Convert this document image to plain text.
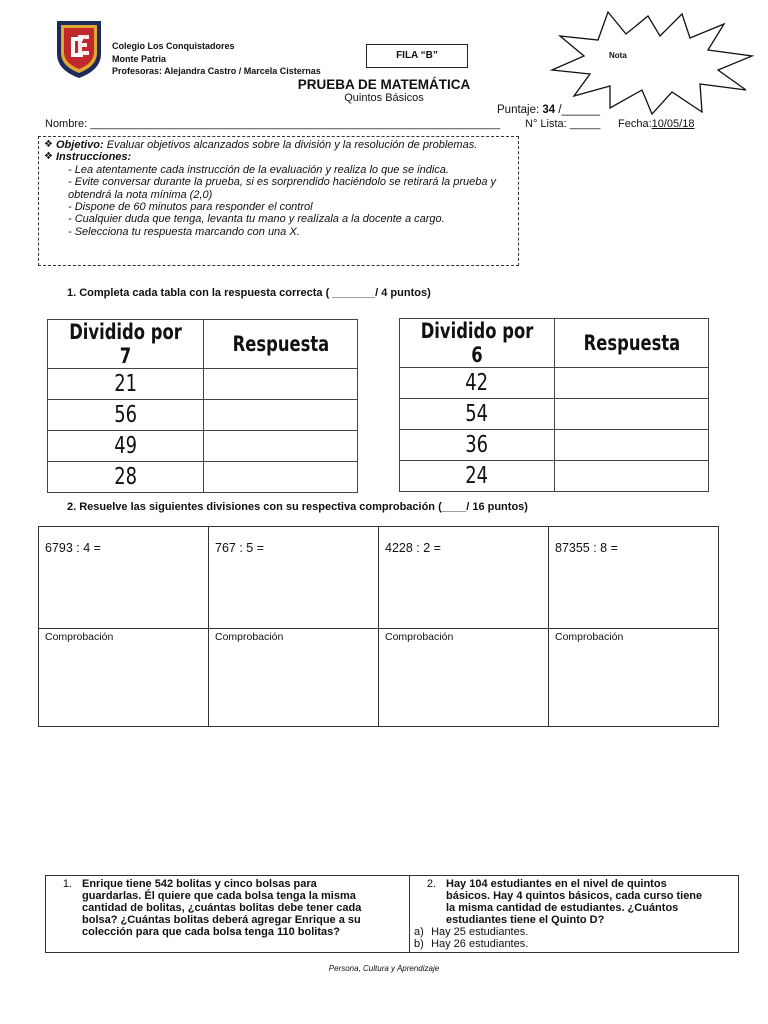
Colegio Los Conquistadores
Monte Patria
Profesoras: Alejandra Castro / Marcela Cisternas
FILA “B”	Nota
PRUEBA DE MATEMÁTICA
Quintos Básicos
Puntaje: 34 /______
Nombre: ___________________________________________________________________ N° Lista: _____ Fecha:10/05/18
❖ Objetivo: Evaluar objetivos alcanzados sobre la división y la resolución de problemas.
❖ Instrucciones:
- Lea atentamente cada instrucción de la evaluación y realiza lo que se indica.
- Evite conversar durante la prueba, si es sorprendido haciéndolo se retirará la prueba y obtendrá la nota mínima (2,0)
- Dispone de 60 minutos para responder el control
- Cualquier duda que tenga, levanta tu mano y realízala a la docente a cargo.
- Selecciona tu respuesta marcando con una X.
1. Completa cada tabla con la respuesta correcta ( _______/ 4 puntos)
Dividido por 7	Respuesta
21	
56	
49	
28	
Dividido por 6	Respuesta
42	
54	
36	
24	
2. Resuelve las siguientes divisiones con su respectiva comprobación (____/ 16 puntos)
6793 : 4 =	767 : 5 =	4228 : 2 =	87355 : 8 =
Comprobación	Comprobación	Comprobación	Comprobación
1. Enrique tiene 542 bolitas y cinco bolsas para guardarlas. Él quiere que cada bolsa tenga la misma cantidad de bolitas, ¿cuántas bolitas debe tener cada bolsa? ¿Cuántas bolitas deberá agregar Enrique a su colección para que cada bolsa tenga 110 bolitas?	2. Hay 104 estudiantes en el nivel de quintos básicos. Hay 4 quintos básicos, cada curso tiene la misma cantidad de estudiantes. ¿Cuántos estudiantes tiene el Quinto D?
a) Hay 25 estudiantes.
b) Hay 26 estudiantes.
Persona, Cultura y Aprendizaje
